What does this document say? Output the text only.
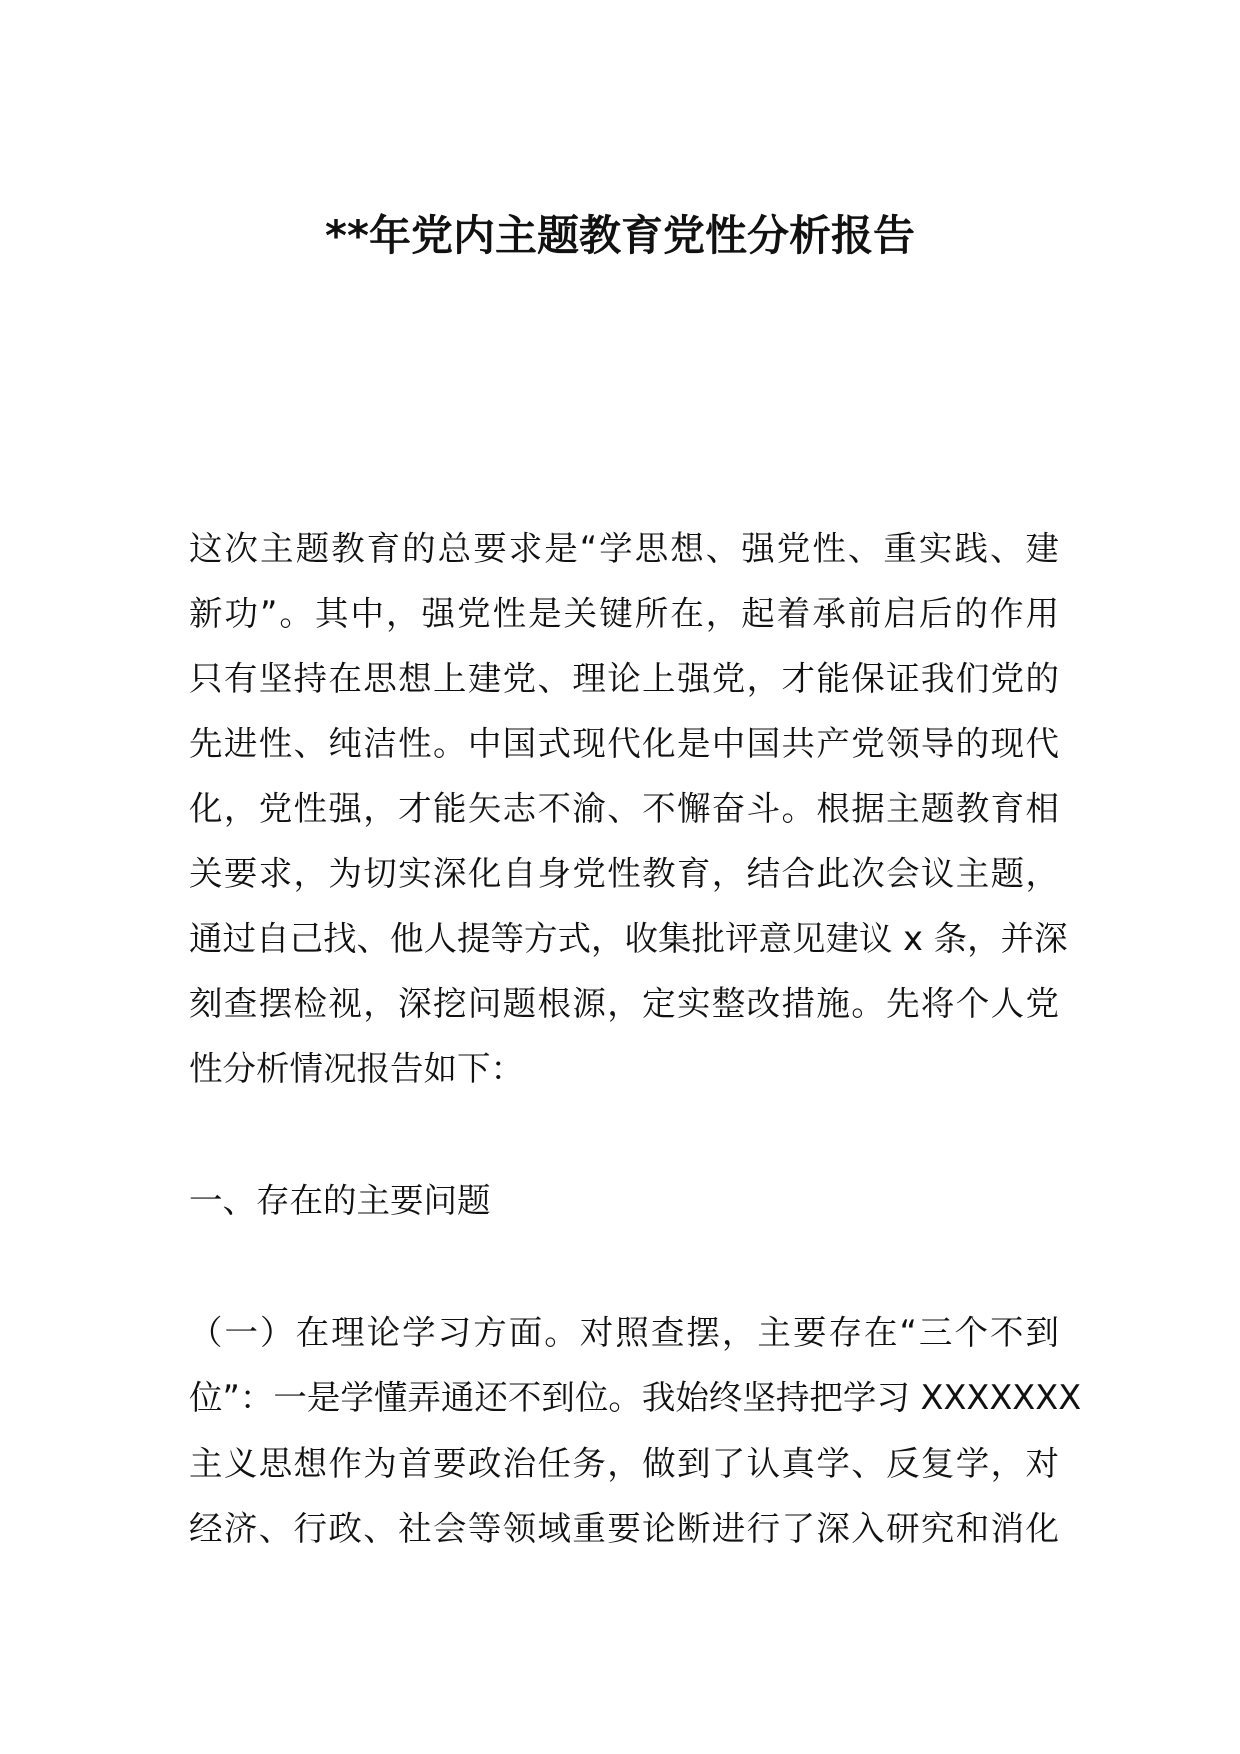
**年党内主题教育党性分析报告
这次主题教育的总要求是“学思想、强党性、重实践、建
新功”。其中，强党性是关键所在，起着承前启后的作用
只有坚持在思想上建党、理论上强党，才能保证我们党的
先进性、纯洁性。中国式现代化是中国共产党领导的现代
化，党性强，才能矢志不渝、不懈奋斗。根据主题教育相
关要求，为切实深化自身党性教育，结合此次会议主题，
通过自己找、他人提等方式，收集批评意见建议 x 条，并深
刻查摆检视，深挖问题根源，定实整改措施。先将个人党
性分析情况报告如下：
一、存在的主要问题
（一）在理论学习方面。对照查摆，主要存在“三个不到
位”：一是学懂弄通还不到位。我始终坚持把学习 XXXXXXX
主义思想作为首要政治任务，做到了认真学、反复学，对
经济、行政、社会等领域重要论断进行了深入研究和消化
